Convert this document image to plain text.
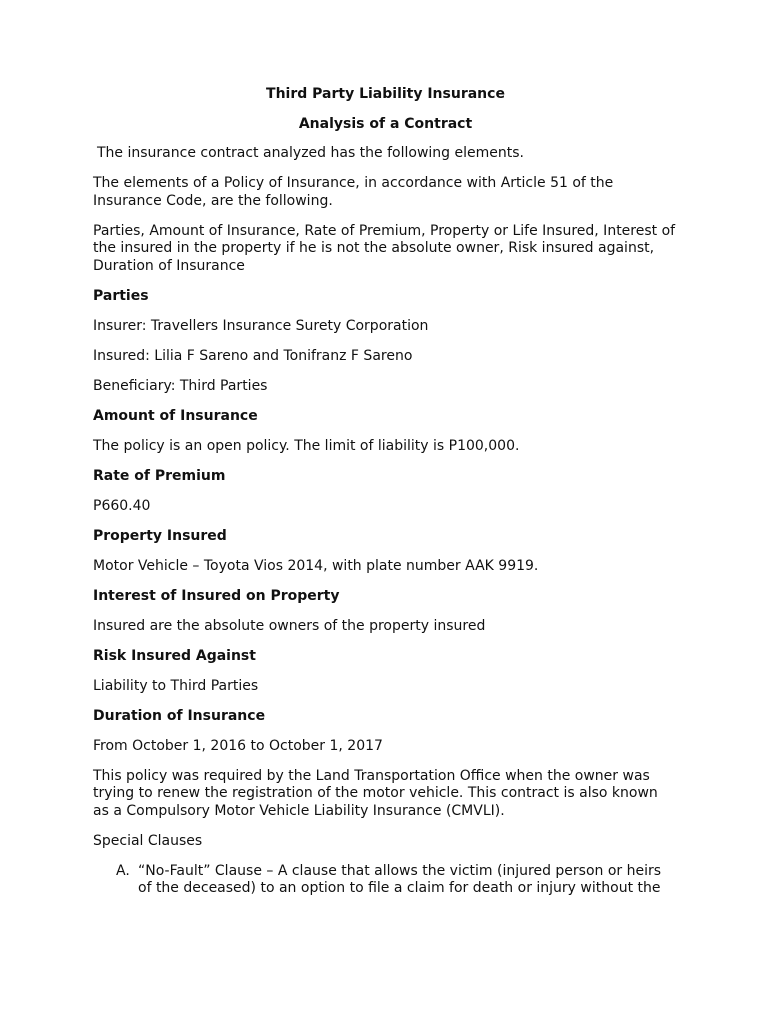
Third Party Liability Insurance
Analysis of a Contract
The insurance contract analyzed has the following elements.
The elements of a Policy of Insurance, in accordance with Article 51 of the Insurance Code, are the following.
Parties, Amount of Insurance, Rate of Premium, Property or Life Insured, Interest of the insured in the property if he is not the absolute owner, Risk insured against, Duration of Insurance
Parties
Insurer: Travellers Insurance Surety Corporation
Insured: Lilia F Sareno and Tonifranz F Sareno
Beneficiary: Third Parties
Amount of Insurance
The policy is an open policy. The limit of liability is P100,000.
Rate of Premium
P660.40
Property Insured
Motor Vehicle – Toyota Vios 2014, with plate number AAK 9919.
Interest of Insured on Property
Insured are the absolute owners of the property insured
Risk Insured Against
Liability to Third Parties
Duration of Insurance
From October 1, 2016 to October 1, 2017
This policy was required by the Land Transportation Office when the owner was trying to renew the registration of the motor vehicle. This contract is also known as a Compulsory Motor Vehicle Liability Insurance (CMVLI).
Special Clauses
A. “No-Fault” Clause – A clause that allows the victim (injured person or heirs of the deceased) to an option to file a claim for death or injury without the
